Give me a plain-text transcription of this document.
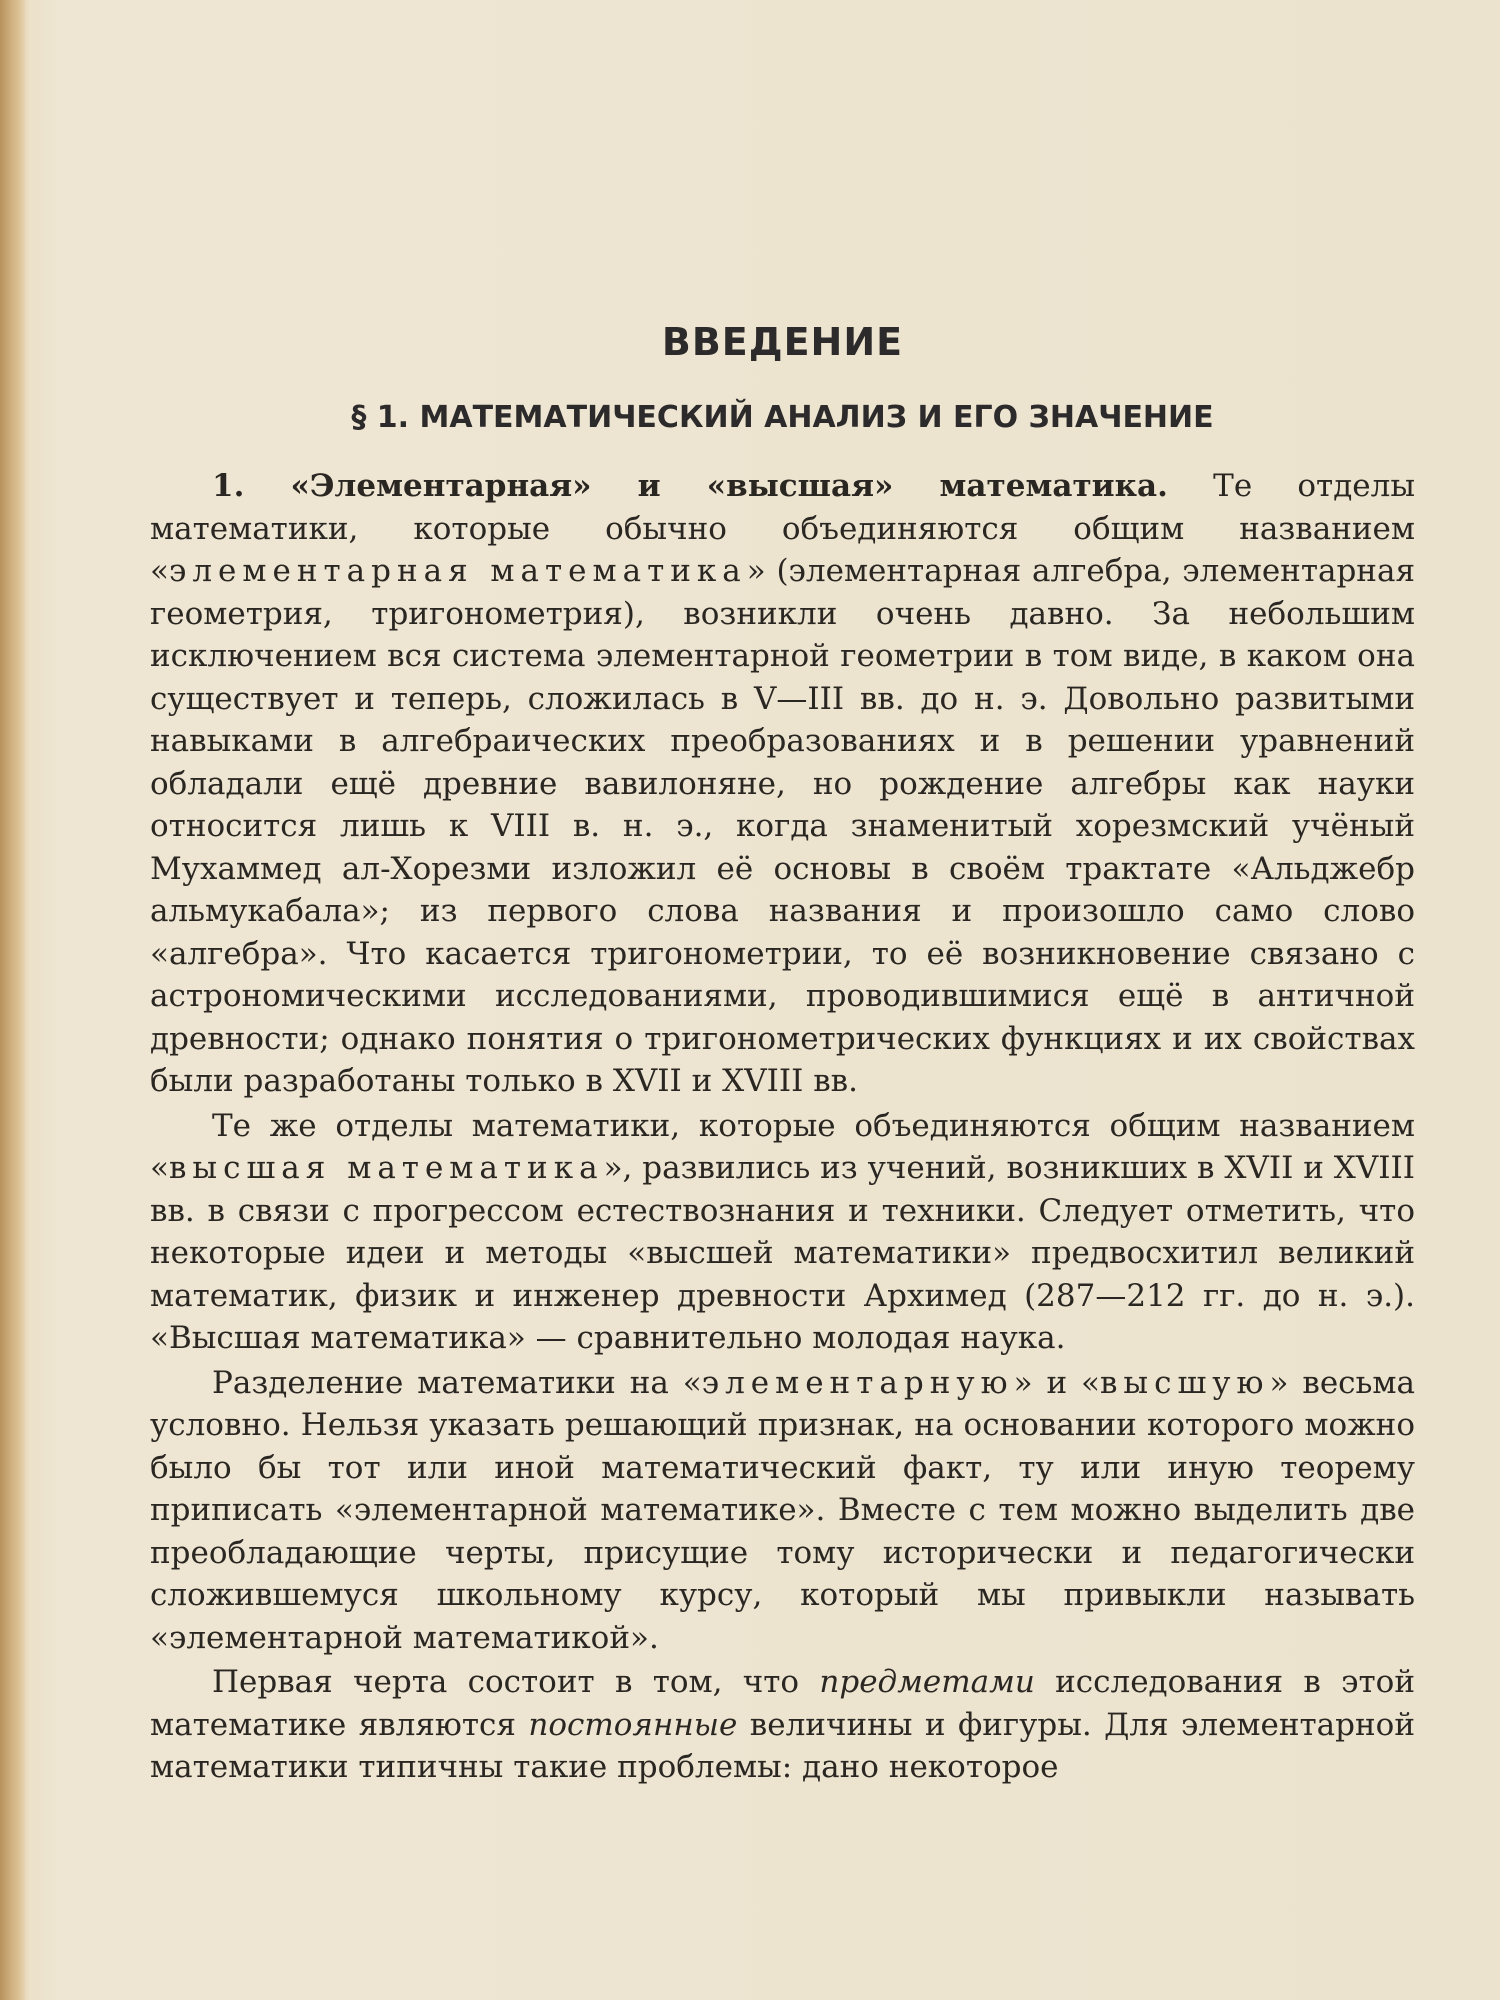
ВВЕДЕНИЕ
§ 1. МАТЕМАТИЧЕСКИЙ АНАЛИЗ И ЕГО ЗНАЧЕНИЕ

1. «Элементарная» и «высшая» математика. Те отделы математики, которые обычно объединяются общим названием «элементарная математика» (элементарная алгебра, элементарная геометрия, тригонометрия), возникли очень давно. За небольшим исключением вся система элементарной геометрии в том виде, в каком она существует и теперь, сложилась в V—III вв. до н. э. Довольно развитыми навыками в алгебраических преобразованиях и в решении уравнений обладали ещё древние вавилоняне, но рождение алгебры как науки относится лишь к VIII в. н. э., когда знаменитый хорезмский учёный Мухаммед ал-Хорезми изложил её основы в своём трактате «Альджебр альмукабала»; из первого слова названия и произошло само слово «алгебра». Что касается тригонометрии, то её возникновение связано с астрономическими исследованиями, проводившимися ещё в античной древности; однако понятия о тригонометрических функциях и их свойствах были разработаны только в XVII и XVIII вв.

Те же отделы математики, которые объединяются общим названием «высшая математика», развились из учений, возникших в XVII и XVIII вв. в связи с прогрессом естествознания и техники. Следует отметить, что некоторые идеи и методы «высшей математики» предвосхитил великий математик, физик и инженер древности Архимед (287—212 гг. до н. э.). «Высшая математика» — сравнительно молодая наука.

Разделение математики на «элементарную» и «высшую» весьма условно. Нельзя указать решающий признак, на основании которого можно было бы тот или иной математический факт, ту или иную теорему приписать «элементарной математике». Вместе с тем можно выделить две преобладающие черты, присущие тому исторически и педагогически сложившемуся школьному курсу, который мы привыкли называть «элементарной математикой».

Первая черта состоит в том, что предметами исследования в этой математике являются постоянные величины и фигуры. Для элементарной математики типичны такие проблемы: дано некоторое
